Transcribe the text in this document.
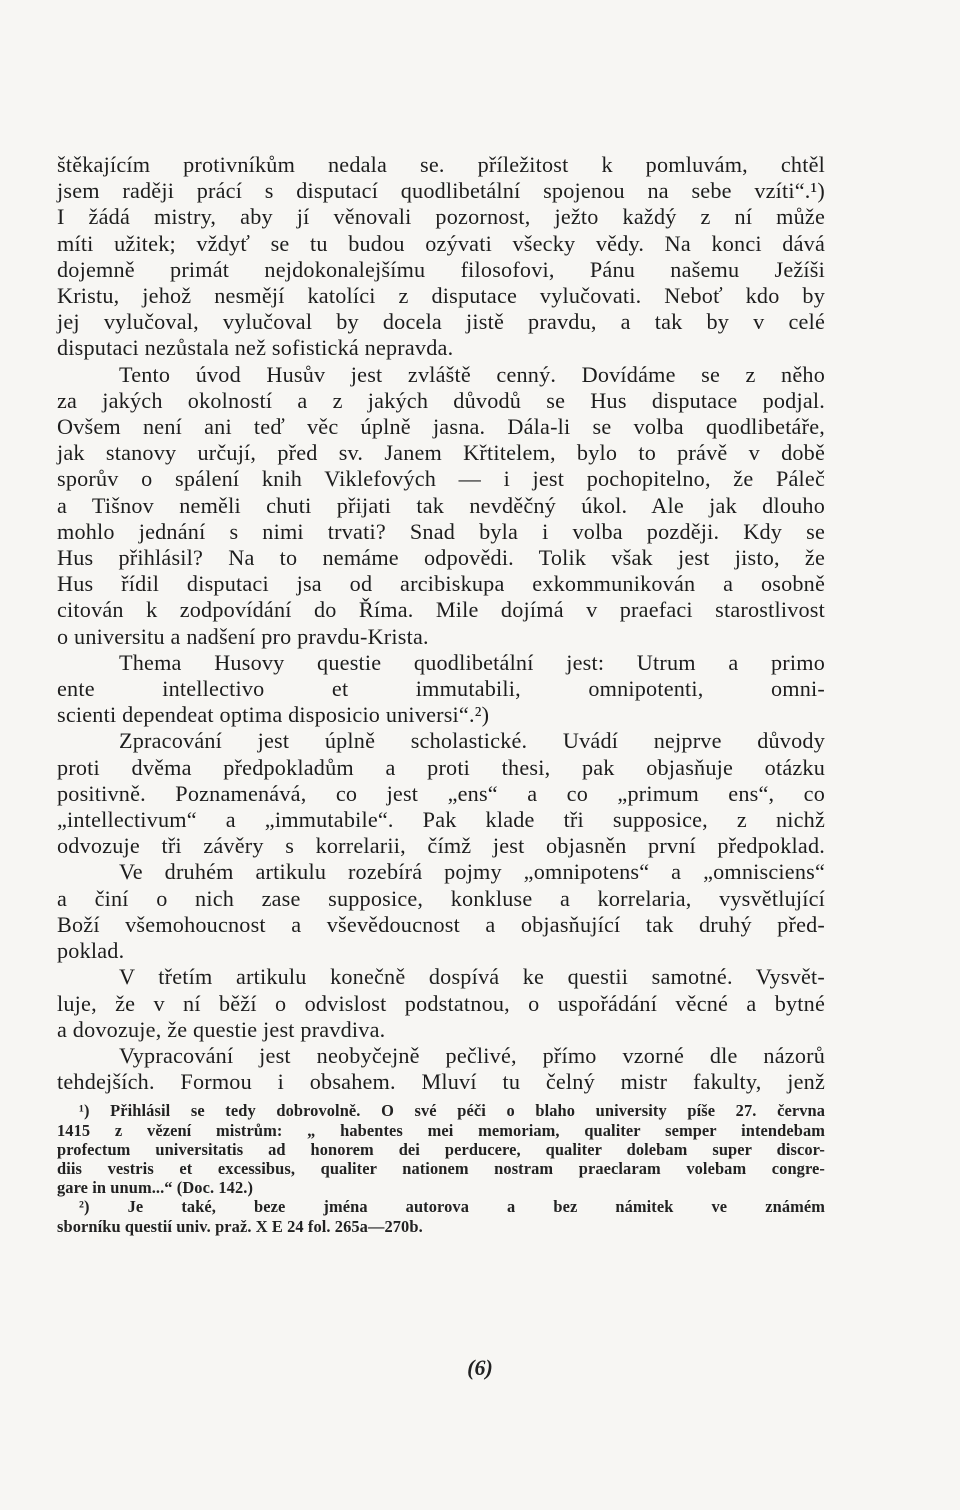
štěkajícím protivníkům nedala se. příležitost k pomluvám, chtěl
jsem raději prácí s disputací quodlibetální spojenou na sebe vzíti“.¹)
I žádá mistry, aby jí věnovali pozornost, ježto každý z ní může
míti užitek; vždyť se tu budou ozývati všecky vědy. Na konci dává
dojemně primát nejdokonalejšímu filosofovi, Pánu našemu Ježíši
Kristu, jehož nesmějí katolíci z disputace vylučovati. Neboť kdo by
jej vylučoval, vylučoval by docela jistě pravdu, a tak by v celé
disputaci nezůstala než sofistická nepravda.
Tento úvod Husův jest zvláště cenný. Dovídáme se z něho
za jakých okolností a z jakých důvodů se Hus disputace podjal.
Ovšem není ani teď věc úplně jasna. Dála-li se volba quodlibetáře,
jak stanovy určují, před sv. Janem Křtitelem, bylo to právě v době
sporův o spálení knih Viklefových — i jest pochopitelno, že Páleč
a Tišnov neměli chuti přijati tak nevděčný úkol. Ale jak dlouho
mohlo jednání s nimi trvati? Snad byla i volba později. Kdy se
Hus přihlásil? Na to nemáme odpovědi. Tolik však jest jisto, že
Hus řídil disputaci jsa od arcibiskupa exkommunikován a osobně
citován k zodpovídání do Říma. Mile dojímá v praefaci starostlivost
o universitu a nadšení pro pravdu-Krista.
Thema Husovy questie quodlibetální jest: Utrum a primo
ente intellectivo et immutabili, omnipotenti, omni-
scienti dependeat optima disposicio universi“.²)
Zpracování jest úplně scholastické. Uvádí nejprve důvody
proti dvěma předpokladům a proti thesi, pak objasňuje otázku
positivně. Poznamenává, co jest „ens“ a co „primum ens“, co
„intellectivum“ a „immutabile“. Pak klade tři supposice, z nichž
odvozuje tři závěry s korrelarii, čímž jest objasněn první předpoklad.
Ve druhém artikulu rozebírá pojmy „omnipotens“ a „omnisciens“
a činí o nich zase supposice, konkluse a korrelaria, vysvětlující
Boží všemohoucnost a vševědoucnost a objasňující tak druhý před-
poklad.
V třetím artikulu konečně dospívá ke questii samotné. Vysvět-
luje, že v ní běží o odvislost podstatnou, o uspořádání věcné a bytné
a dovozuje, že questie jest pravdiva.
Vypracování jest neobyčejně pečlivé, přímo vzorné dle názorů
tehdejších. Formou i obsahem. Mluví tu čelný mistr fakulty, jenž
¹) Přihlásil se tedy dobrovolně. O své péči o blaho university píše 27. června
1415 z vězení mistrům: „ habentes mei memoriam, qualiter semper intendebam
profectum universitatis ad honorem dei perducere, qualiter dolebam super discor-
diis vestris et excessibus, qualiter nationem nostram praeclaram volebam congre-
gare in unum...“ (Doc. 142.)
²) Je také, beze jména autorova a bez námitek ve známém
sborníku questií univ. praž. X E 24 fol. 265a—270b.
(6)
